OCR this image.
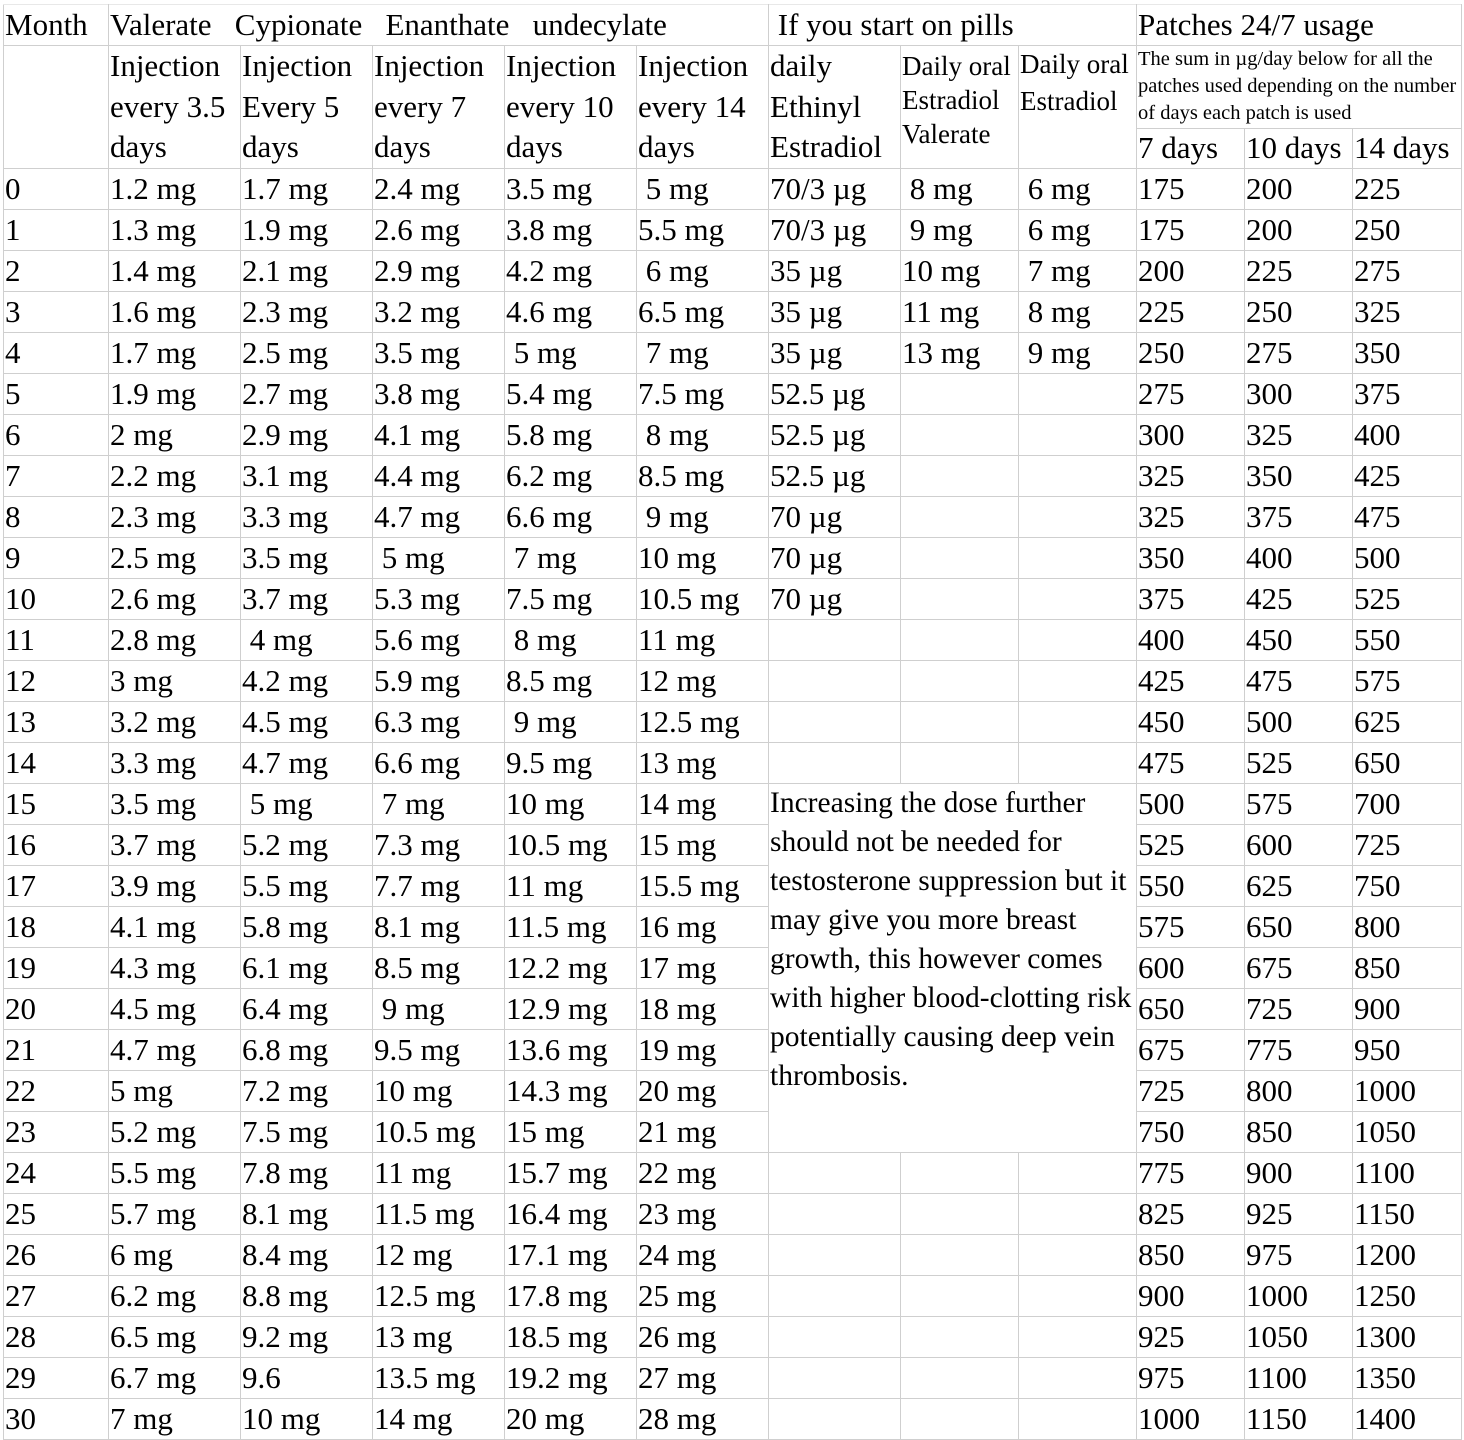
Month	Valerate   Cypionate   Enanthate   undecylate					If you start on pills			Patches 24/7 usage		
	Injection every 3.5 days	Injection Every 5 days	Injection every 7 days	Injection every 10 days	Injection every 14 days	daily Ethinyl Estradiol	Daily oral Estradiol Valerate	Daily oral Estradiol	The sum in µg/day below for all the patches used depending on the number of days each patch is used		
									7 days	10 days	14 days
0	1.2 mg	1.7 mg	2.4 mg	3.5 mg	5 mg	70/3 µg	8 mg	6 mg	175	200	225
1	1.3 mg	1.9 mg	2.6 mg	3.8 mg	5.5 mg	70/3 µg	9 mg	6 mg	175	200	250
2	1.4 mg	2.1 mg	2.9 mg	4.2 mg	6 mg	35 µg	10 mg	7 mg	200	225	275
3	1.6 mg	2.3 mg	3.2 mg	4.6 mg	6.5 mg	35 µg	11 mg	8 mg	225	250	325
4	1.7 mg	2.5 mg	3.5 mg	5 mg	7 mg	35 µg	13 mg	9 mg	250	275	350
5	1.9 mg	2.7 mg	3.8 mg	5.4 mg	7.5 mg	52.5 µg			275	300	375
6	2 mg	2.9 mg	4.1 mg	5.8 mg	8 mg	52.5 µg			300	325	400
7	2.2 mg	3.1 mg	4.4 mg	6.2 mg	8.5 mg	52.5 µg			325	350	425
8	2.3 mg	3.3 mg	4.7 mg	6.6 mg	9 mg	70 µg			325	375	475
9	2.5 mg	3.5 mg	5 mg	7 mg	10 mg	70 µg			350	400	500
10	2.6 mg	3.7 mg	5.3 mg	7.5 mg	10.5 mg	70 µg			375	425	525
11	2.8 mg	4 mg	5.6 mg	8 mg	11 mg				400	450	550
12	3 mg	4.2 mg	5.9 mg	8.5 mg	12 mg				425	475	575
13	3.2 mg	4.5 mg	6.3 mg	9 mg	12.5 mg				450	500	625
14	3.3 mg	4.7 mg	6.6 mg	9.5 mg	13 mg				475	525	650
15	3.5 mg	5 mg	7 mg	10 mg	14 mg	Increasing the dose further should not be needed for testosterone suppression but it may give you more breast growth, this however comes with higher blood-clotting risk potentially causing deep vein thrombosis.			500	575	700
16	3.7 mg	5.2 mg	7.3 mg	10.5 mg	15 mg				525	600	725
17	3.9 mg	5.5 mg	7.7 mg	11 mg	15.5 mg				550	625	750
18	4.1 mg	5.8 mg	8.1 mg	11.5 mg	16 mg				575	650	800
19	4.3 mg	6.1 mg	8.5 mg	12.2 mg	17 mg				600	675	850
20	4.5 mg	6.4 mg	9 mg	12.9 mg	18 mg				650	725	900
21	4.7 mg	6.8 mg	9.5 mg	13.6 mg	19 mg				675	775	950
22	5 mg	7.2 mg	10 mg	14.3 mg	20 mg				725	800	1000
23	5.2 mg	7.5 mg	10.5 mg	15 mg	21 mg				750	850	1050
24	5.5 mg	7.8 mg	11 mg	15.7 mg	22 mg				775	900	1100
25	5.7 mg	8.1 mg	11.5 mg	16.4 mg	23 mg				825	925	1150
26	6 mg	8.4 mg	12 mg	17.1 mg	24 mg				850	975	1200
27	6.2 mg	8.8 mg	12.5 mg	17.8 mg	25 mg				900	1000	1250
28	6.5 mg	9.2 mg	13 mg	18.5 mg	26 mg				925	1050	1300
29	6.7 mg	9.6	13.5 mg	19.2 mg	27 mg				975	1100	1350
30	7 mg	10 mg	14 mg	20 mg	28 mg				1000	1150	1400
